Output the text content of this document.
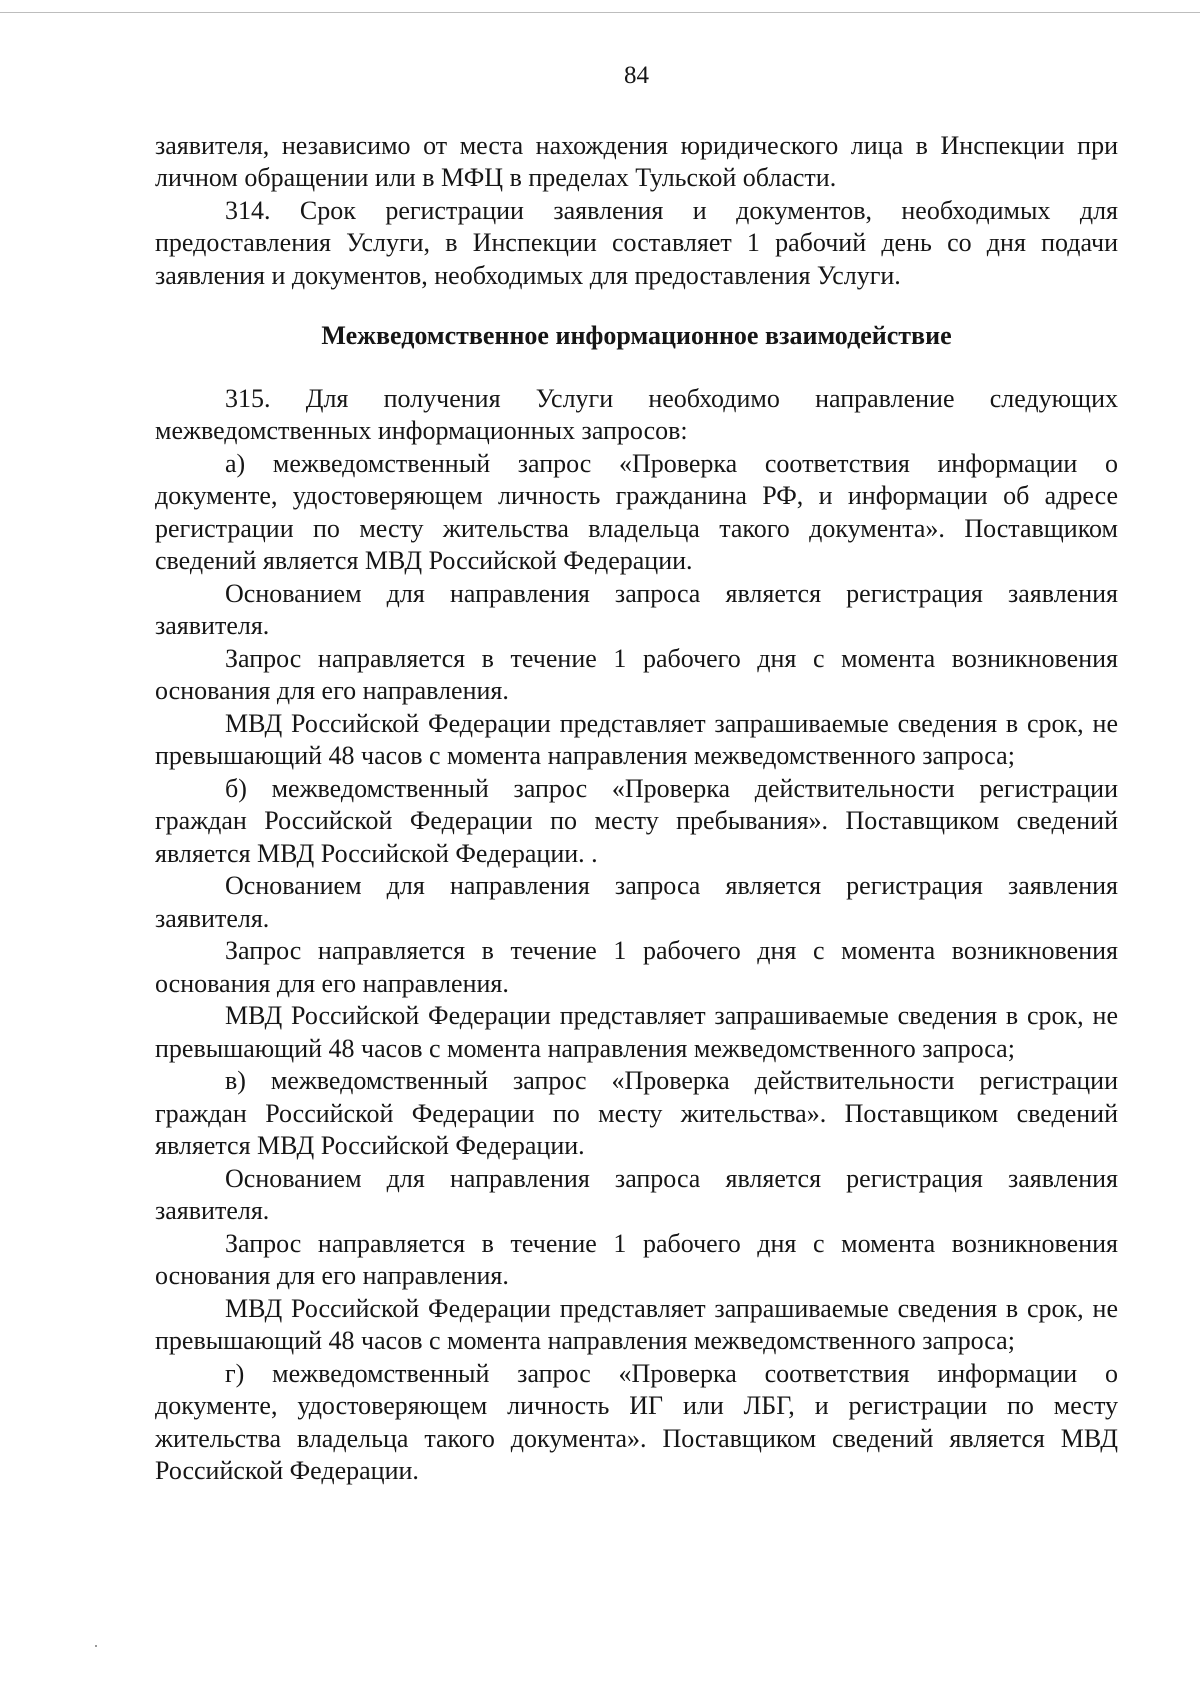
84

заявителя, независимо от места нахождения юридического лица в Инспекции при личном обращении или в МФЦ в пределах Тульской области.

314. Срок регистрации заявления и документов, необходимых для предоставления Услуги, в Инспекции составляет 1 рабочий день со дня подачи заявления и документов, необходимых для предоставления Услуги.

Межведомственное информационное взаимодействие

315. Для получения Услуги необходимо направление следующих межведомственных информационных запросов:

а) межведомственный запрос «Проверка соответствия информации о документе, удостоверяющем личность гражданина РФ, и информации об адресе регистрации по месту жительства владельца такого документа». Поставщиком сведений является МВД Российской Федерации.

Основанием для направления запроса является регистрация заявления заявителя.

Запрос направляется в течение 1 рабочего дня с момента возникновения основания для его направления.

МВД Российской Федерации представляет запрашиваемые сведения в срок, не превышающий 48 часов с момента направления межведомственного запроса;

б) межведомственный запрос «Проверка действительности регистрации граждан Российской Федерации по месту пребывания». Поставщиком сведений является МВД Российской Федерации. .

Основанием для направления запроса является регистрация заявления заявителя.

Запрос направляется в течение 1 рабочего дня с момента возникновения основания для его направления.

МВД Российской Федерации представляет запрашиваемые сведения в срок, не превышающий 48 часов с момента направления межведомственного запроса;

в) межведомственный запрос «Проверка действительности регистрации граждан Российской Федерации по месту жительства». Поставщиком сведений является МВД Российской Федерации.

Основанием для направления запроса является регистрация заявления заявителя.

Запрос направляется в течение 1 рабочего дня с момента возникновения основания для его направления.

МВД Российской Федерации представляет запрашиваемые сведения в срок, не превышающий 48 часов с момента направления межведомственного запроса;

г) межведомственный запрос «Проверка соответствия информации о документе, удостоверяющем личность ИГ или ЛБГ, и регистрации по месту жительства владельца такого документа». Поставщиком сведений является МВД Российской Федерации.
